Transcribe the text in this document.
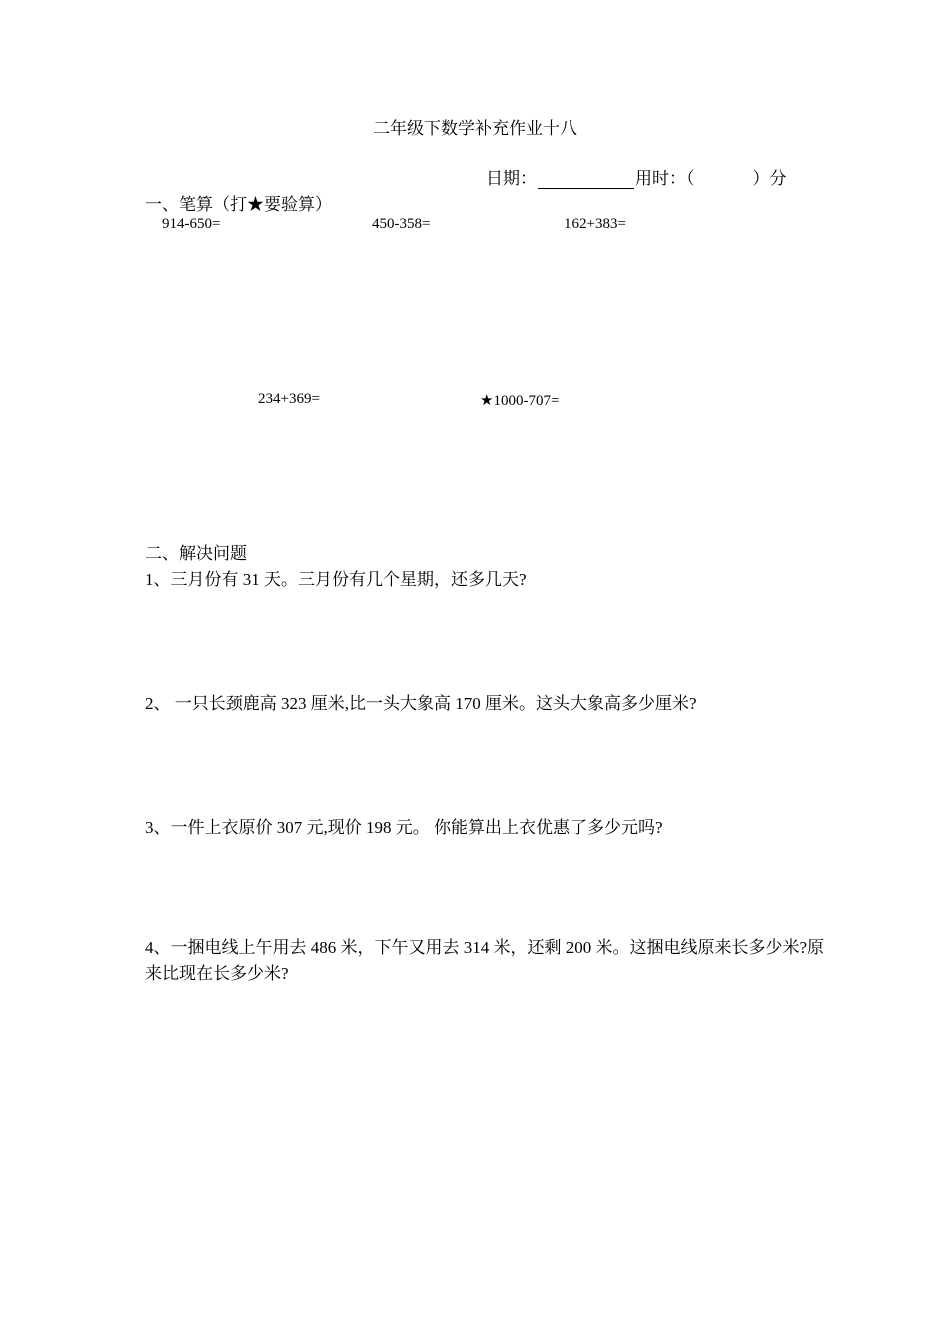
二年级下数学补充作业十八
日期：	用时：（	）分
一、笔算（打★要验算）
914-650=	450-358=	162+383=
234+369=	★1000-707=
二、解决问题
1、三月份有 31 天。三月份有几个星期，还多几天?
2、 一只长颈鹿高 323 厘米,比一头大象高 170 厘米。这头大象高多少厘米?
3、一件上衣原价 307 元,现价 198 元。 你能算出上衣优惠了多少元吗?
4、一捆电线上午用去 486 米，下午又用去 314 米，还剩 200 米。这捆电线原来长多少米?原来比现在长多少米?
